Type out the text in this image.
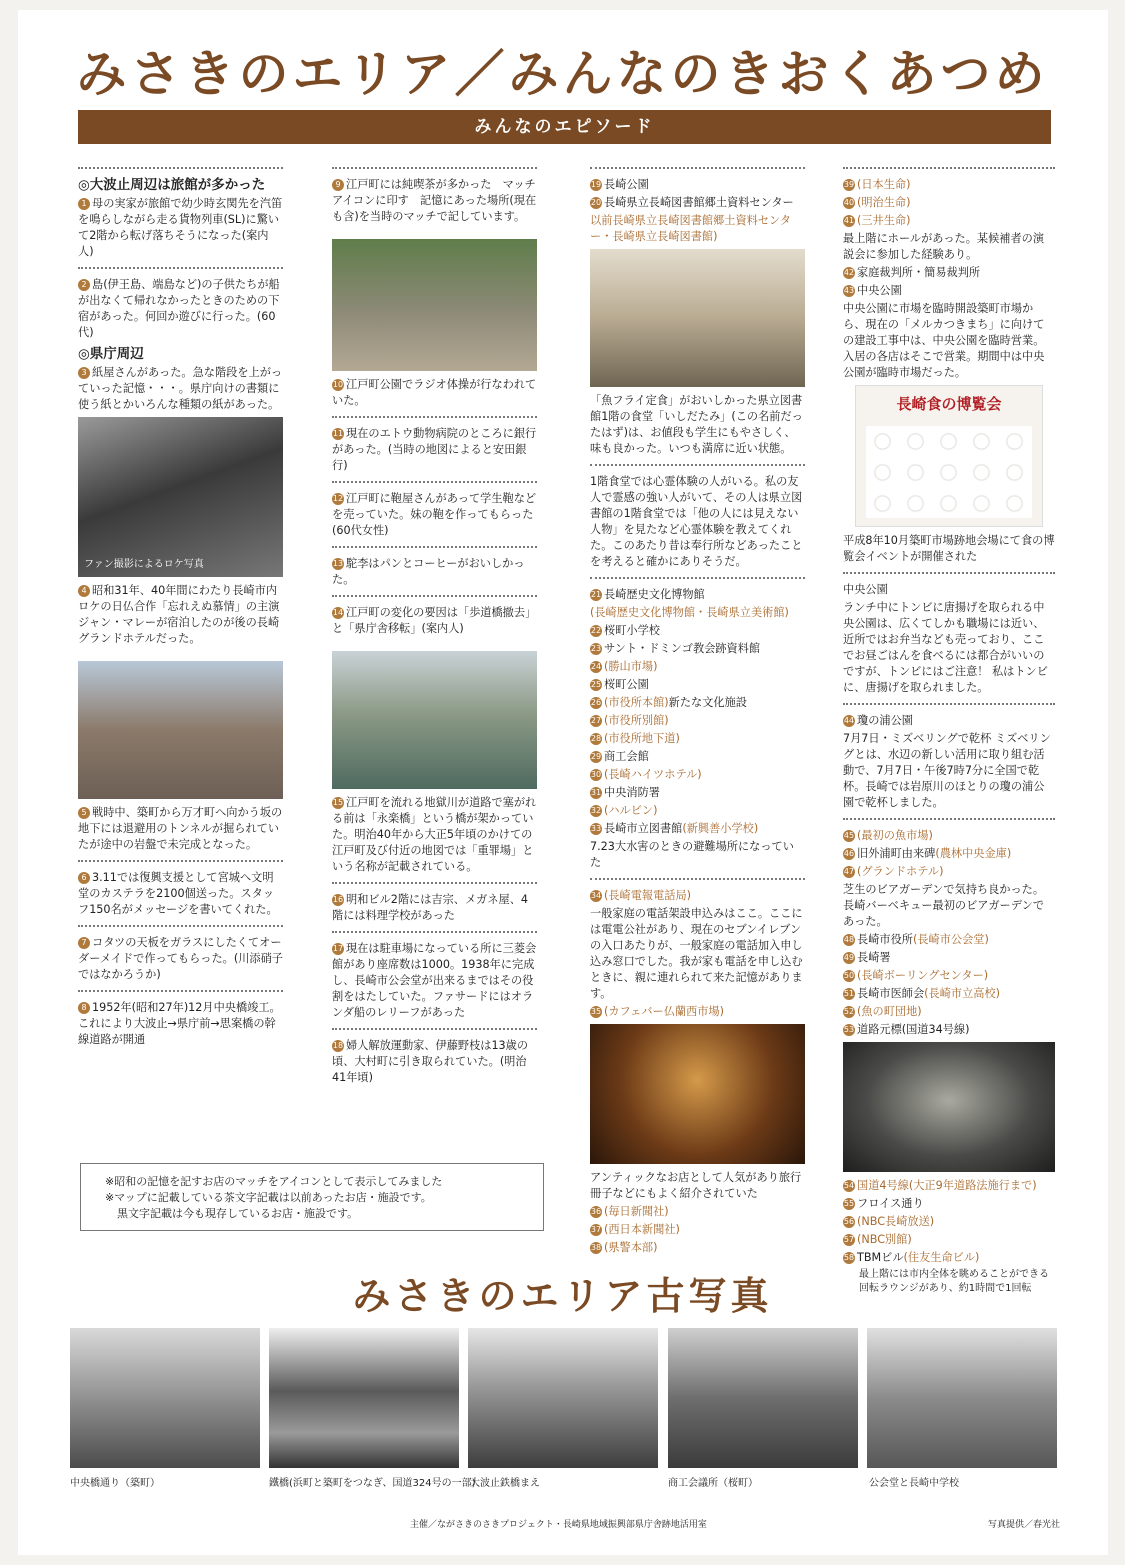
みさきのエリア／みんなのきおくあつめ
みんなのエピソード
◎大波止周辺は旅館が多かった
1 母の実家が旅館で幼少時玄関先を汽笛を鳴らしながら走る貨物列車(SL)に驚いて2階から転げ落ちそうになった(案内人)
2 島(伊王島、端島など)の子供たちが船が出なくて帰れなかったときのための下宿があった。何回か遊びに行った。(60代)
◎県庁周辺
3 紙屋さんがあった。急な階段を上がっていった記憶・・・。県庁向けの書類に使う紙とかいろんな種類の紙があった。
ファン撮影によるロケ写真
4 昭和31年、40年間にわたり長崎市内ロケの日仏合作「忘れえぬ慕情」の主演ジャン・マレーが宿泊したのが後の長崎グランドホテルだった。
5 戦時中、築町から万才町へ向かう坂の地下には退避用のトンネルが掘られていたが途中の岩盤で未完成となった。
6 3.11では復興支援として宮城へ文明堂のカステラを2100個送った。スタッフ150名がメッセージを書いてくれた。
7 コタツの天板をガラスにしたくてオーダーメイドで作ってもらった。(川添硝子ではなかろうか)
8 1952年(昭和27年)12月中央橋竣工。これにより大波止→県庁前→思案橋の幹線道路が開通
9 江戸町には純喫茶が多かった　マッチアイコンに印す　記憶にあった場所(現在も含)を当時のマッチで記しています。
10 江戸町公園でラジオ体操が行なわれていた。
11 現在のエトウ動物病院のところに銀行があった。(当時の地図によると安田銀行)
12 江戸町に鞄屋さんがあって学生鞄などを売っていた。妹の鞄を作ってもらった(60代女性)
13 駝李はパンとコーヒーがおいしかった。
14 江戸町の変化の要因は「歩道橋撤去」と「県庁舎移転」(案内人)
15 江戸町を流れる地獄川が道路で塞がれる前は「永楽橋」という橋が架かっていた。明治40年から大正5年頃のかけての江戸町及び付近の地図では「重罪場」という名称が記載されている。
16 明和ビル2階には吉宗、メガネ屋、4階には料理学校があった
17 現在は駐車場になっている所に三菱会館があり座席数は1000。1938年に完成し、長崎市公会堂が出来るまではその役割をはたしていた。ファサードにはオランダ船のレリーフがあった
18 婦人解放運動家、伊藤野枝は13歳の頃、大村町に引き取られていた。(明治41年頃)
19 長崎公園
20 長崎県立長崎図書館郷土資料センター
以前長崎県立長崎図書館郷土資料センター・長崎県立長崎図書館)
「魚フライ定食」がおいしかった県立図書館1階の食堂「いしだたみ」(この名前だったはず)は、お値段も学生にもやさしく、味も良かった。いつも満席に近い状態。
1階食堂では心霊体験の人がいる。私の友人で霊感の強い人がいて、その人は県立図書館の1階食堂では「他の人には見えない人物」を見たなど心霊体験を教えてくれた。このあたり昔は奉行所などあったことを考えると確かにありそうだ。
21 長崎歴史文化博物館
(長崎歴史文化博物館・長崎県立美術館)
22 桜町小学校
23 サント・ドミンゴ教会跡資料館
24 (勝山市場)
25 桜町公園
26 (市役所本館)新たな文化施設
27 (市役所別館)
28 (市役所地下道)
29 商工会館
30 (長崎ハイツホテル)
31 中央消防署
32 (ハルビン)
33 長崎市立図書館(新興善小学校)
7.23大水害のときの避難場所になっていた
34 (長崎電報電話局)
一般家庭の電話架設申込みはここ。ここには電電公社があり、現在のセブンイレブンの入口あたりが、一般家庭の電話加入申し込み窓口でした。我が家も電話を申し込むときに、親に連れられて来た記憶があります。
35 (カフェバー仏蘭西市場)
アンティックなお店として人気があり旅行冊子などにもよく紹介されていた
36 (毎日新聞社)
37 (西日本新聞社)
38 (県警本部)
39 (日本生命)
40 (明治生命)
41 (三井生命)
最上階にホールがあった。某候補者の演説会に参加した経験あり。
42 家庭裁判所・簡易裁判所
43 中央公園
中央公園に市場を臨時開設築町市場から、現在の「メルカつきまち」に向けての建設工事中は、中央公園を臨時営業。入居の各店はそこで営業。期間中は中央公園が臨時市場だった。
長崎食の博覧会
平成8年10月築町市場跡地会場にて食の博覧会イベントが開催された
中央公園
ランチ中にトンビに唐揚げを取られる中央公園は、広くてしかも職場には近い、近所ではお弁当なども売っており、ここでお昼ごはんを食べるには都合がいいのですが、トンビにはご注意！ 私はトンビに、唐揚げを取られました。
44 瓊の浦公園
7月7日・ミズベリングで乾杯 ミズベリングとは、水辺の新しい活用に取り組む活動で、7月7日・午後7時7分に全国で乾杯。長崎では岩原川のほとりの瓊の浦公園で乾杯しました。
45 (最初の魚市場)
46 旧外浦町由来碑(農林中央金庫)
47 (グランドホテル)
芝生のビアガーデンで気持ち良かった。長崎バーベキュー最初のビアガーデンであった。
48 長崎市役所(長崎市公会堂)
49 長崎署
50 (長崎ボーリングセンター)
51 長崎市医師会(長崎市立高校)
52 (魚の町団地)
53 道路元標(国道34号線)
54 国道4号線(大正9年道路法施行まで)
55 フロイス通り
56 (NBC長崎放送)
57 (NBC別館)
58 TBMビル(住友生命ビル)
最上階には市内全体を眺めることができる回転ラウンジがあり、約1時間で1回転
※昭和の記憶を記すお店のマッチをアイコンとして表示してみました
※マップに記載している茶文字記載は以前あったお店・施設です。
黒文字記載は今も現存しているお店・施設です。
みさきのエリア古写真
中央橋通り（築町）	鐵橋(浜町と築町をつなぎ、国道324号の一部)
大波止鉄橋まえ	商工会議所（桜町）	公会堂と長崎中学校
主催／ながさきのさきプロジェクト・長崎県地域振興部県庁舎跡地活用室	写真提供／春光社
